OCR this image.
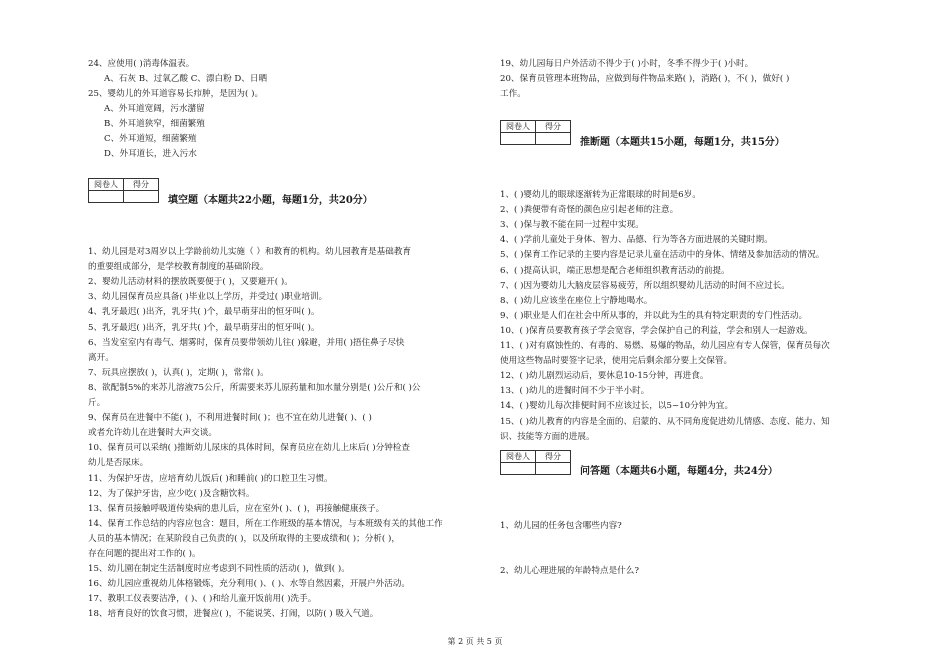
24、应使用( )消毒体温表。
A、石灰 B、过氧乙酸 C、漂白粉 D、日晒
25、婴幼儿的外耳道容易长疖肿，是因为( )。
A、外耳道宽阔，污水潴留
B、外耳道狭窄，细菌繁殖
C、外耳道短，细菌繁殖
D、外耳道长，进入污水
阅卷人	得分

填空题（本题共22小题，每题1分，共20分）
1、幼儿园是对3周岁以上学龄前幼儿实施（ ）和教育的机构。幼儿园教育是基础教育
的重要组成部分，是学校教育制度的基础阶段。
2、婴幼儿活动材料的摆放既要便于( )，又要避开( )。
3、幼儿园保育员应具备( )毕业以上学历，并受过( )职业培训。
4、乳牙最迟( )出齐，乳牙共( )个，最早萌芽出的恒牙叫( )。
5、乳牙最迟( )出齐，乳牙共( )个，最早萌芽出的恒牙叫( )。
6、当发室室内有毒气、烟雾时，保育员要带领幼儿往( )躲避，并用( )捂住鼻子尽快
离开。
7、玩具应摆放( )，认真( )，定期( )，常常( )。
8、欲配制5%的来苏儿溶液75公斤，所需要来苏儿原药量和加水量分别是( )公斤和( )公
斤。
9、保育员在进餐中不能( )，不利用进餐时间( )；也不宜在幼儿进餐( )、( )
或者允许幼儿在进餐时大声交谈。
10、保育员可以采纳( )推断幼儿尿床的具体时间，保育员应在幼儿上床后( )分钟检查
幼儿是否尿床。
11、为保护牙齿，应培育幼儿饭后( )和睡前( )的口腔卫生习惯。
12、为了保护牙齿，应少吃( )及含糖饮料。
13、保育员接触呼吸道传染病的患儿后，应在室外( )、( )，再接触健康孩子。
14、保育工作总结的内容应包含：题目，所在工作班级的基本情况，与本班级有关的其他工作
人员的基本情况；在某阶段自己负责的( )，以及所取得的主要成绩和( )；分析( )，
存在问题的提出对工作的( )。
15、幼儿園在制定生活制度时应考虑到不同性质的活动( )，做到( )。
16、幼儿园应重视幼儿体格锻炼，充分利用( )、( )、水等自然因素，开展户外活动。
17、教职工仪表要洁净，( )、( )和给儿童开饭前用( )洗手。
18、培育良好的饮食习惯，进餐应( )，不能说笑、打闹，以防( ) 吸入气道。
19、幼儿园每日户外活动不得少于( )小时，冬季不得少于( )小时。
20、保育员管理本班物品，应做到每件物品来路( )，消路( )，不( )，做好( )
工作。
阅卷人	得分

推断题（本题共15小题，每题1分，共15分）
1、( )婴幼儿的眼球逐渐转为正常眼球的时间是6岁。
2、( )粪便带有奇怪的颜色应引起老师的注意。
3、( )保与教不能在同一过程中实现。
4、( )学前儿童处于身体、智力、品德、行为等各方面进展的关键时期。
5、( )保育工作记录的主要内容是记录儿童在活动中的身体、情绪及参加活动的情况。
6、( )提高认识，端正思想是配合老师组织教育活动的前提。
7、( )因为婴幼儿大脑皮层容易疲劳，所以组织婴幼儿活动的时间不应过长。
8、( )幼儿应该坐在座位上宁静地喝水。
9、( )职业是人们在社会中所从事的，并以此为生的具有特定职责的专门性活动。
10、( )保育员要教育孩子学会宽容，学会保护自己的利益，学会和别人一起游戏。
11、( )对有腐蚀性的、有毒的、易燃、易爆的物品，幼儿园应有专人保管，保育员每次
使用这些物品时要签字记录，使用完后剩余部分要上交保管。
12、( )幼儿剧烈运动后，要休息10-15分钟，再进食。
13、( )幼儿的进餐时间不少于半小时。
14、( )婴幼儿每次排便时间不应该过长，以5~10分钟为宜。
15、( )幼儿教育的内容是全面的、启蒙的、从不同角度促进幼儿情感、态度、能力、知
识、技能等方面的进展。
阅卷人	得分

问答题（本题共6小题，每题4分，共24分）
1、幼儿园的任务包含哪些内容?
2、幼儿心理进展的年龄特点是什么?
第 2 页 共 5 页
